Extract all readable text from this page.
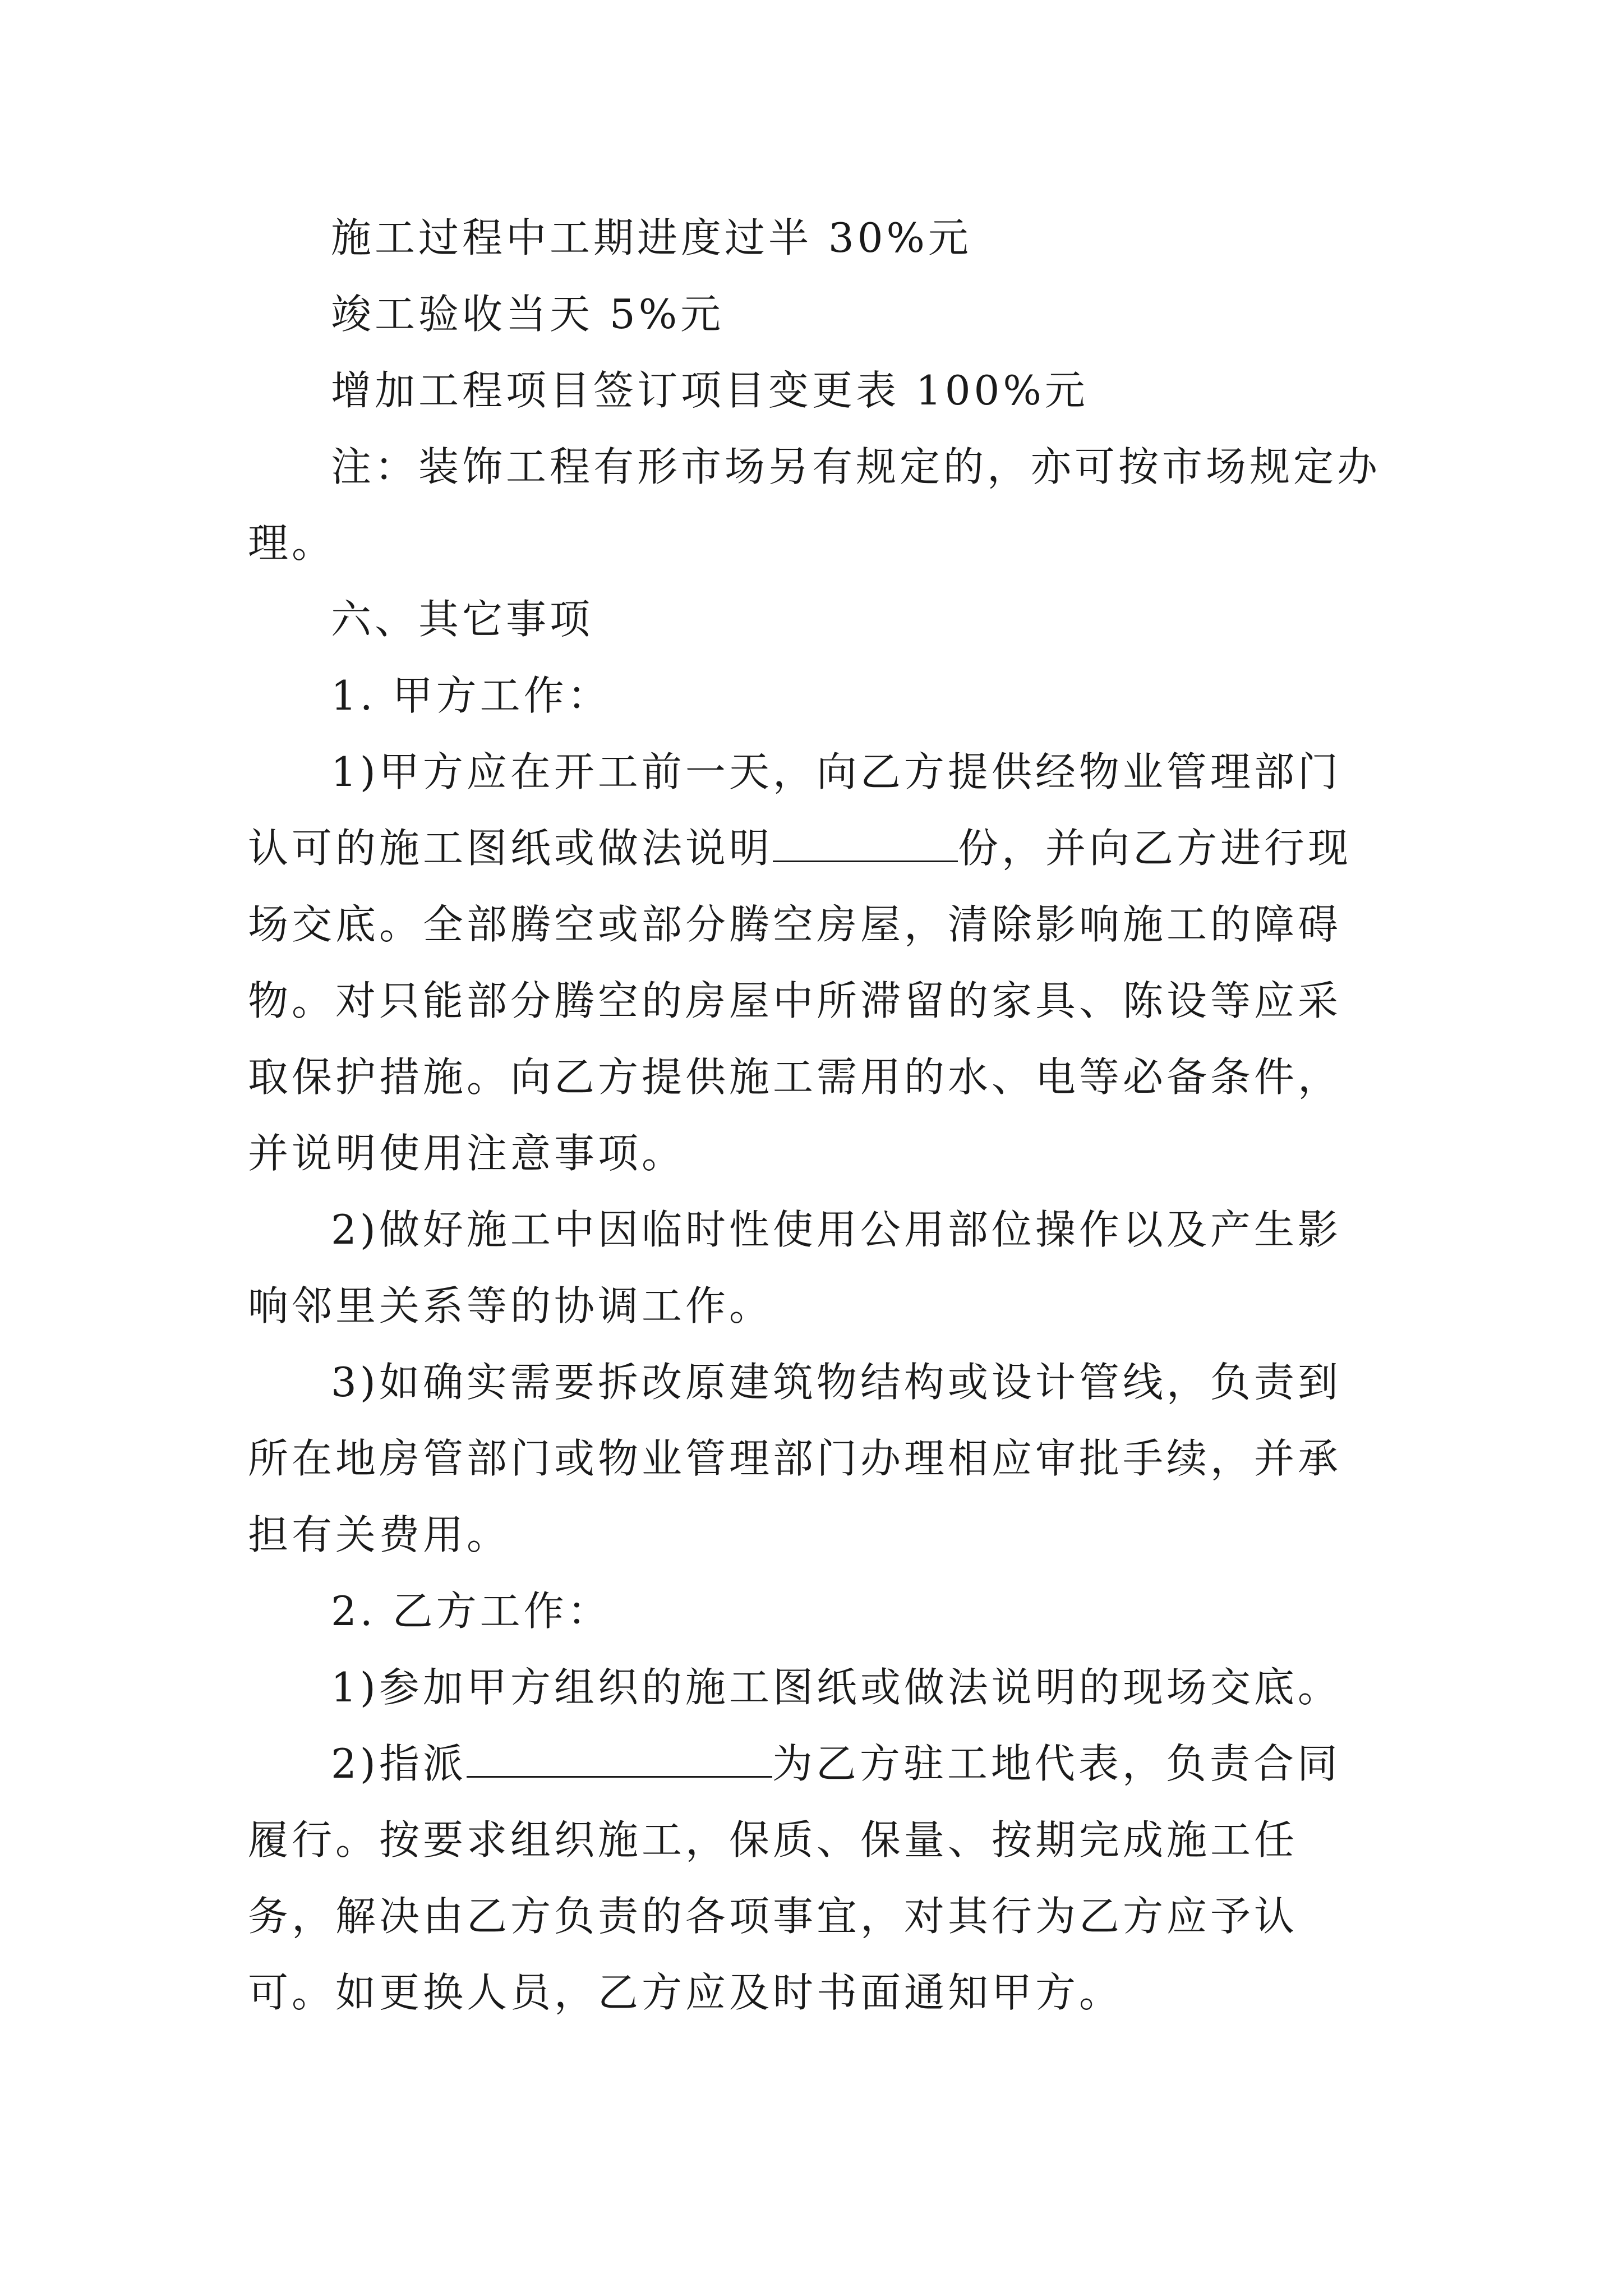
施工过程中工期进度过半 30%元

竣工验收当天 5%元

增加工程项目签订项目变更表 100%元

注：装饰工程有形市场另有规定的，亦可按市场规定办理。

六、其它事项

1. 甲方工作：

1)甲方应在开工前一天，向乙方提供经物业管理部门认可的施工图纸或做法说明	份，并向乙方进行现场交底。全部腾空或部分腾空房屋，清除影响施工的障碍物。对只能部分腾空的房屋中所滞留的家具、陈设等应采取保护措施。向乙方提供施工需用的水、电等必备条件，并说明使用注意事项。

2)做好施工中因临时性使用公用部位操作以及产生影响邻里关系等的协调工作。

3)如确实需要拆改原建筑物结构或设计管线，负责到所在地房管部门或物业管理部门办理相应审批手续，并承担有关费用。

2. 乙方工作：

1)参加甲方组织的施工图纸或做法说明的现场交底。

2)指派	为乙方驻工地代表，负责合同履行。按要求组织施工，保质、保量、按期完成施工任务，解决由乙方负责的各项事宜，对其行为乙方应予认可。如更换人员，乙方应及时书面通知甲方。
